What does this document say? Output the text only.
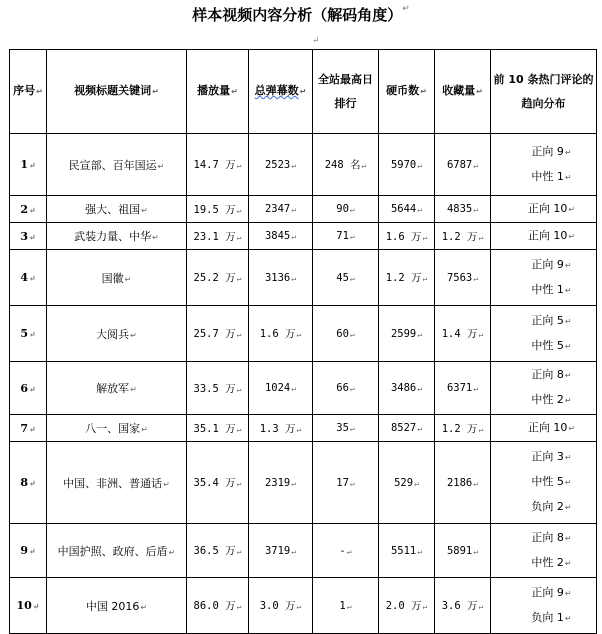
样本视频内容分析（解码角度）↵
↵
序号↵	视频标题关键词↵	播放量↵	总弹幕数↵	全站最高日排行	硬币数↵	收藏量↵	前 10 条热门评论的趋向分布

1↵	民宣部、百年国运↵	14.7 万↵	2523↵	248 名↵	5970↵	6787↵	正向 9↵
中性 1↵

2↵	强大、祖国↵	19.5 万↵	2347↵	90↵	5644↵	4835↵	正向 10↵

3↵	武装力量、中华↵	23.1 万↵	3845↵	71↵	1.6 万↵	1.2 万↵	正向 10↵

4↵	国徽↵	25.2 万↵	3136↵	45↵	1.2 万↵	7563↵	正向 9↵
中性 1↵

5↵	大阅兵↵	25.7 万↵	1.6 万↵	60↵	2599↵	1.4 万↵	正向 5↵
中性 5↵

6↵	解放军↵	33.5 万↵	1024↵	66↵	3486↵	6371↵	正向 8↵
中性 2↵

7↵	八一、国家↵	35.1 万↵	1.3 万↵	35↵	8527↵	1.2 万↵	正向 10↵

8↵	中国、非洲、普通话↵	35.4 万↵	2319↵	17↵	529↵	2186↵	正向 3↵
中性 5↵
负向 2↵

9↵	中国护照、政府、后盾↵	36.5 万↵	3719↵	-↵	5511↵	5891↵	正向 8↵
中性 2↵

10↵	中国 2016↵	86.0 万↵	3.0 万↵	1↵	2.0 万↵	3.6 万↵	正向 9↵
负向 1↵
